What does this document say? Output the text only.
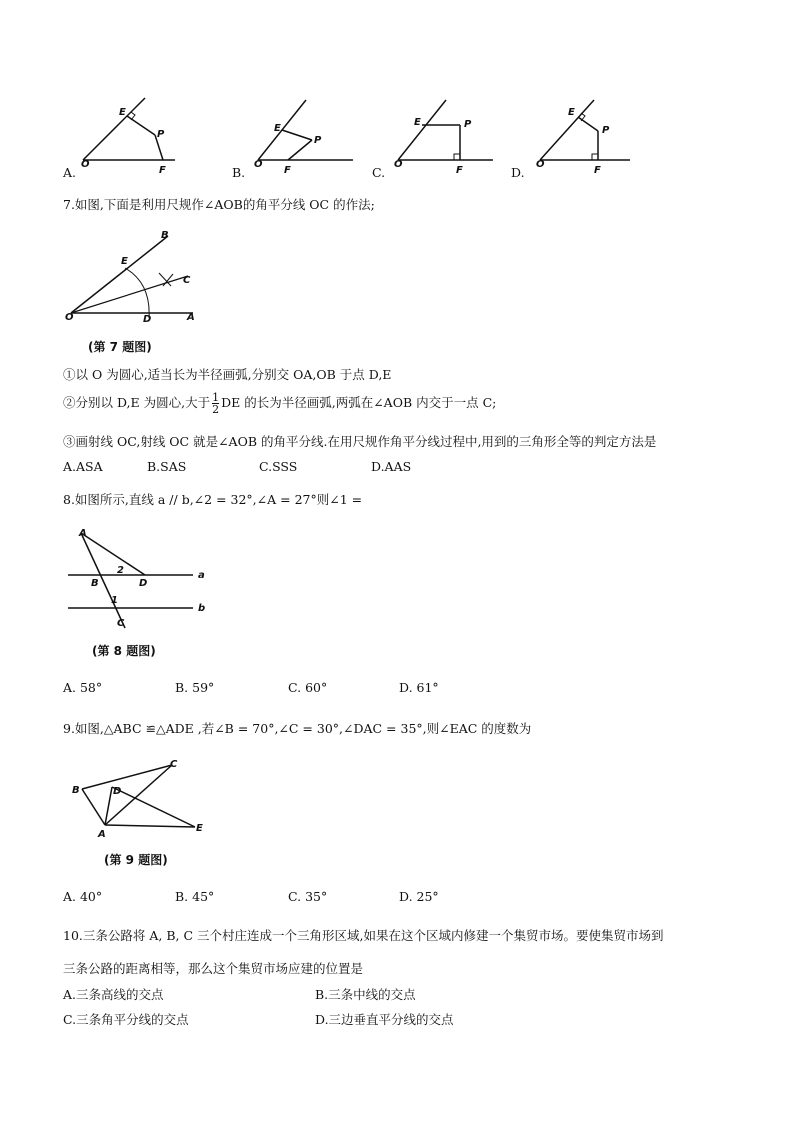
E
P
O
F
E
P
O
F
E	P
O
F
E
P
O
F
A.	B.	C.	D.
7.如图,下面是利用尺规作∠AOB的角平分线 OC 的作法;
B
E
C
O	D	A
(第 7 题图)
①以 O 为圆心,适当长为半径画弧,分别交 OA,OB 于点 D,E
②分别以 D,E 为圆心,大于 $\frac{1}{2}$ DE 的长为半径画弧,两弧在∠AOB 内交于一点 C;
③画射线 OC,射线 OC 就是∠AOB 的角平分线.在用尺规作角平分线过程中,用到的三角形全等的判定方法是
A.ASA	B.SAS	C.SSS	D.AAS
8.如图所示,直线 a // b,∠2 = 32°,∠A = 27°则∠1 =
A
B	D
C
a
b
1
2
(第 8 题图)
A. 58°	B. 59°	C. 60°	D. 61°
9.如图,△ABC ≌△ADE ,若∠B = 70°,∠C = 30°,∠DAC = 35°,则∠EAC 的度数为
B
C
D
A
E
(第 9 题图)
A. 40°	B. 45°	C. 35°	D. 25°
10.三条公路将 A, B, C 三个村庄连成一个三角形区域,如果在这个区域内修建一个集贸市场。要使集贸市场到
三条公路的距离相等，那么这个集贸市场应建的位置是
A.三条高线的交点	B.三条中线的交点
C.三条角平分线的交点	D.三边垂直平分线的交点
